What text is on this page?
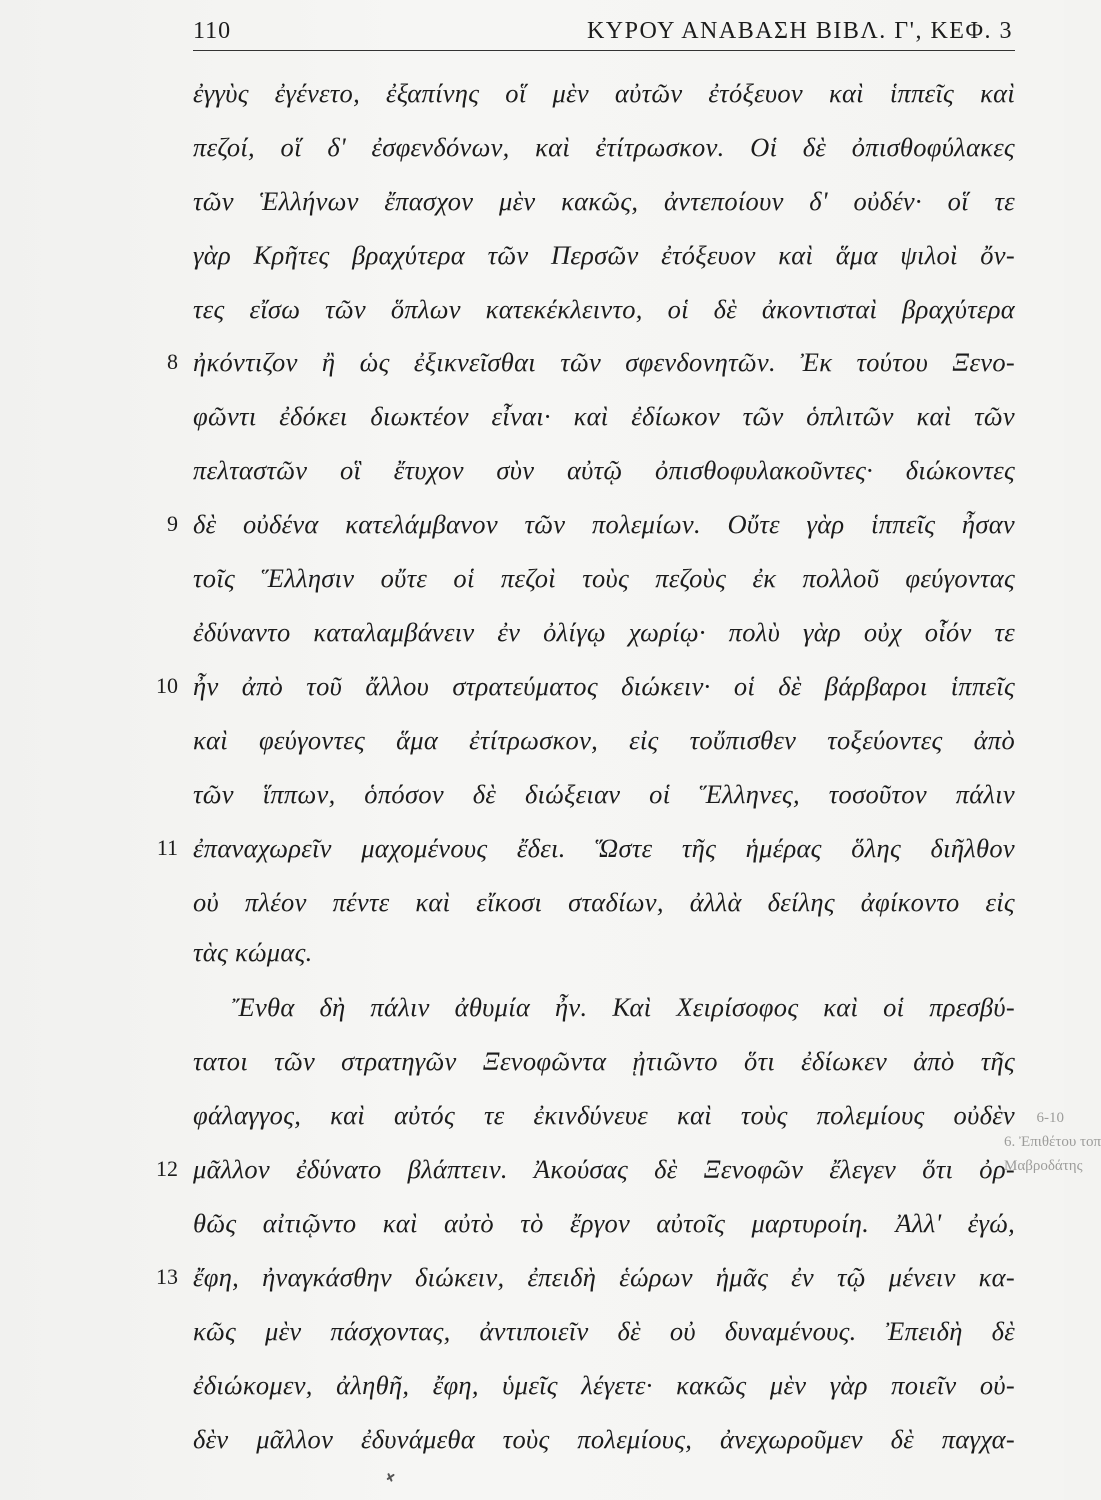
110	ΚΥΡΟΥ ΑΝΑΒΑΣΗ ΒΙΒΛ. Γ', ΚΕΦ. 3
ἐγγὺς ἐγένετο, ἐξαπίνης οἵ μὲν αὐτῶν ἐτόξευον καὶ ἱππεῖς καὶ
πεζοί, οἵ δ' ἐσφενδόνων, καὶ ἐτίτρωσκον. Οἱ δὲ ὀπισθοφύλακες
τῶν Ἑλλήνων ἔπασχον μὲν κακῶς, ἀντεποίουν δ' οὐδέν· οἵ τε
γὰρ Κρῆτες βραχύτερα τῶν Περσῶν ἐτόξευον καὶ ἅμα ψιλοὶ ὄν-
τες εἴσω τῶν ὅπλων κατεκέκλειντο, οἱ δὲ ἀκοντισταὶ βραχύτερα
ἠκόντιζον ἢ ὡς ἐξικνεῖσθαι τῶν σφενδονητῶν. Ἐκ τούτου Ξενο-
φῶντι ἐδόκει διωκτέον εἶναι· καὶ ἐδίωκον τῶν ὁπλιτῶν καὶ τῶν
πελταστῶν οἳ ἔτυχον σὺν αὐτῷ ὀπισθοφυλακοῦντες· διώκοντες
δὲ οὐδένα κατελάμβανον τῶν πολεμίων. Οὔτε γὰρ ἱππεῖς ἦσαν
τοῖς Ἕλλησιν οὔτε οἱ πεζοὶ τοὺς πεζοὺς ἐκ πολλοῦ φεύγοντας
ἐδύναντο καταλαμβάνειν ἐν ὀλίγῳ χωρίῳ· πολὺ γὰρ οὐχ οἷόν τε
ἦν ἀπὸ τοῦ ἄλλου στρατεύματος διώκειν· οἱ δὲ βάρβαροι ἱππεῖς
καὶ φεύγοντες ἅμα ἐτίτρωσκον, εἰς τοὔπισθεν τοξεύοντες ἀπὸ
τῶν ἵππων, ὁπόσον δὲ διώξειαν οἱ Ἕλληνες, τοσοῦτον πάλιν
ἐπαναχωρεῖν μαχομένους ἔδει. Ὥστε τῆς ἡμέρας ὅλης διῆλθον
οὐ πλέον πέντε καὶ εἴκοσι σταδίων, ἀλλὰ δείλης ἀφίκοντο εἰς
τὰς κώμας.
Ἔνθα δὴ πάλιν ἀθυμία ἦν. Καὶ Χειρίσοφος καὶ οἱ πρεσβύ-
τατοι τῶν στρατηγῶν Ξενοφῶντα ᾐτιῶντο ὅτι ἐδίωκεν ἀπὸ τῆς
φάλαγγος, καὶ αὐτός τε ἐκινδύνευε καὶ τοὺς πολεμίους οὐδὲν
μᾶλλον ἐδύνατο βλάπτειν. Ἀκούσας δὲ Ξενοφῶν ἔλεγεν ὅτι ὀρ-
θῶς αἰτιῷντο καὶ αὐτὸ τὸ ἔργον αὐτοῖς μαρτυροίη. Ἀλλ' ἐγώ,
ἔφη, ἠναγκάσθην διώκειν, ἐπειδὴ ἑώρων ἡμᾶς ἐν τῷ μένειν κα-
κῶς μὲν πάσχοντας, ἀντιποιεῖν δὲ οὐ δυναμένους. Ἐπειδὴ δὲ
ἐδιώκομεν, ἀληθῆ, ἔφη, ὑμεῖς λέγετε· κακῶς μὲν γὰρ ποιεῖν οὐ-
δὲν μᾶλλον ἐδυνάμεθα τοὺς πολεμίους, ἀνεχωροῦμεν δὲ παγχα-
8
9
10
11
12
13
6-10
6. Ἐπιθέτου τοπ
Μαβροδάτης
